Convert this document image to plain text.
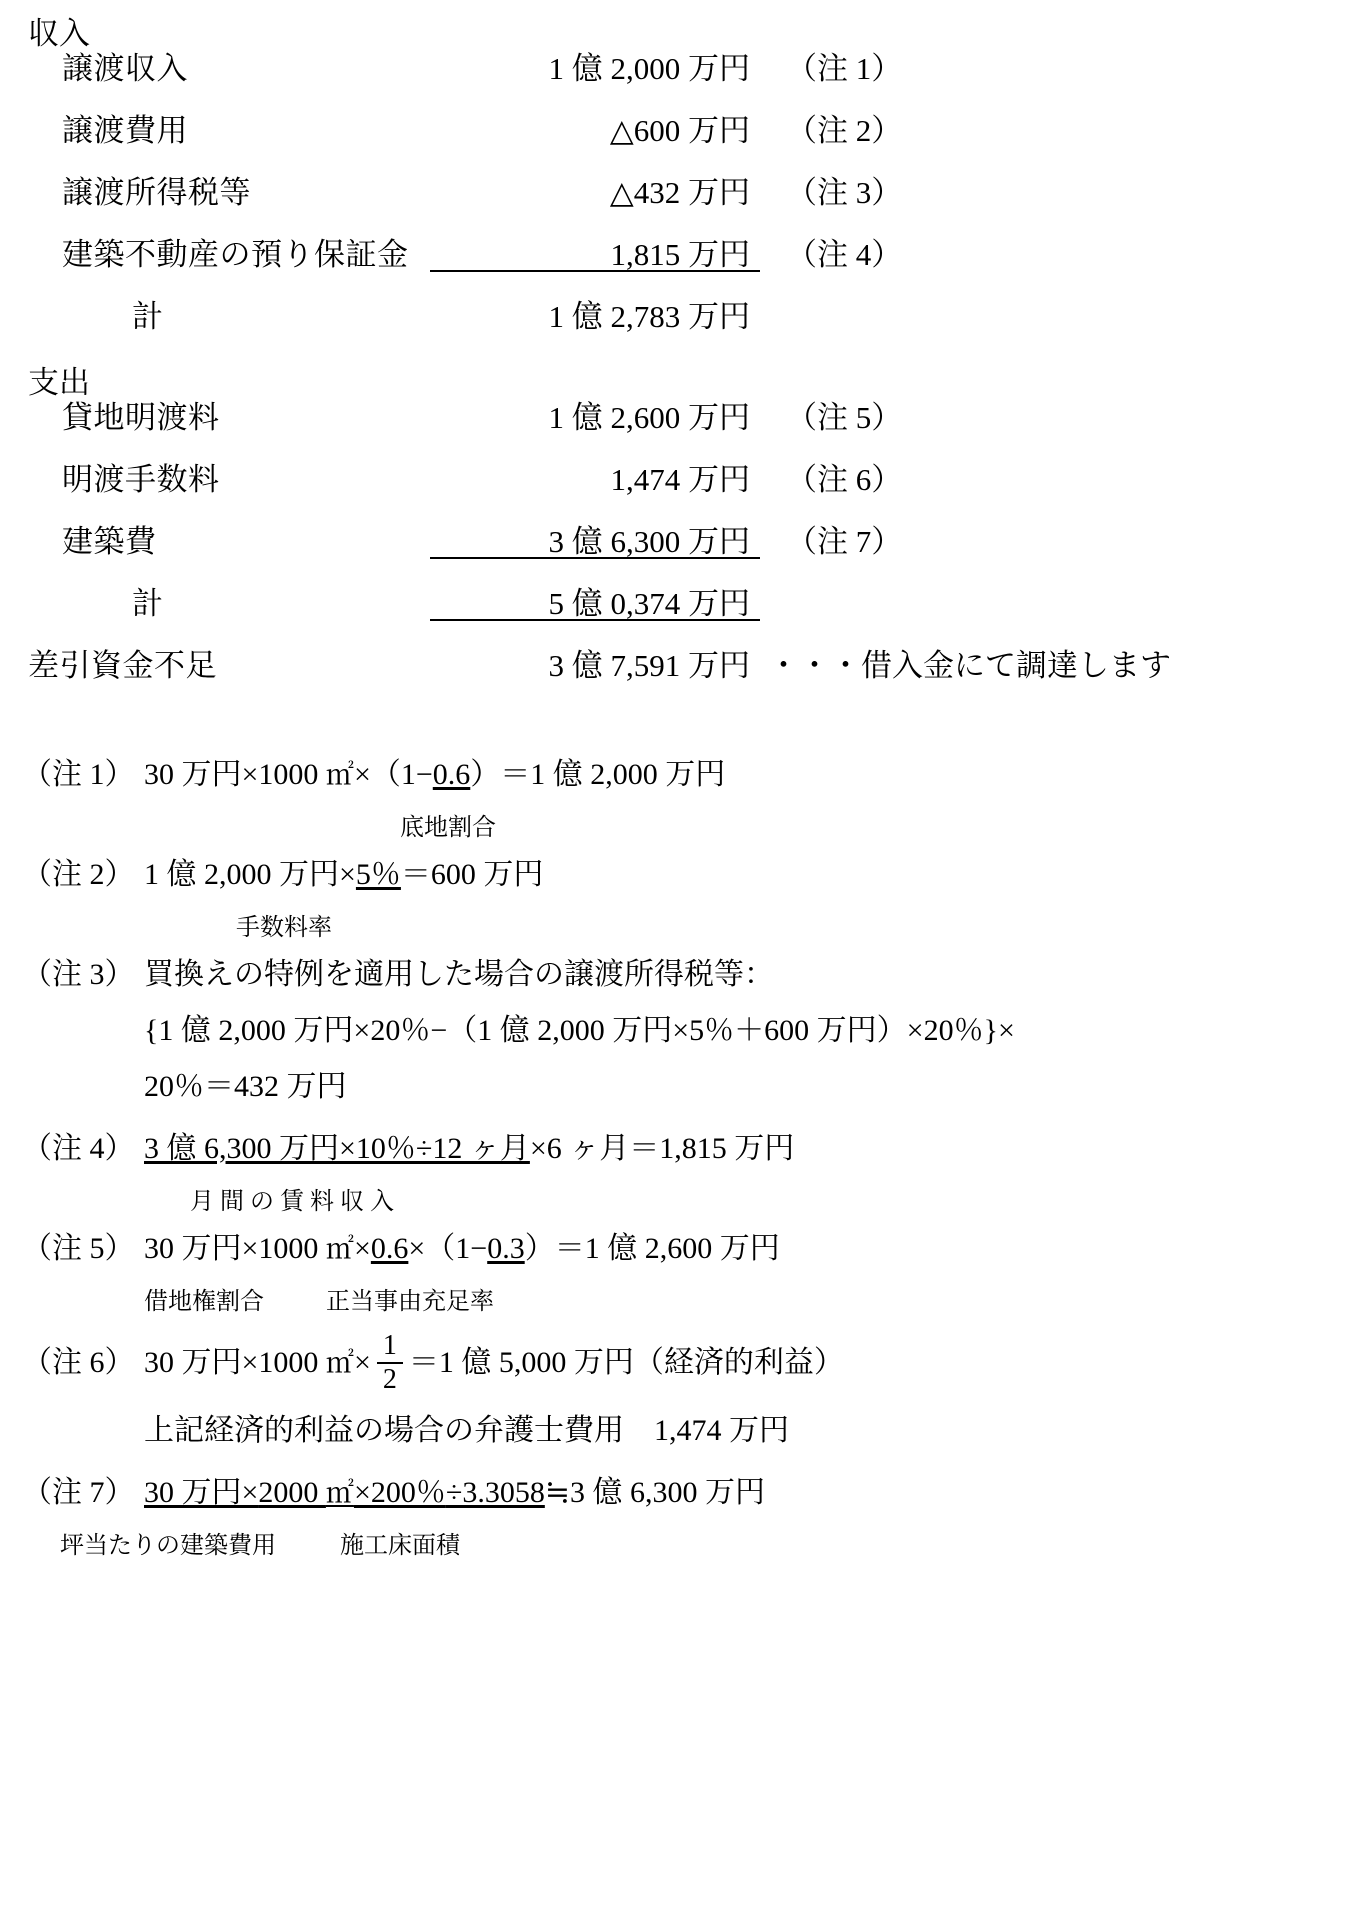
収入
譲渡収入	1 億 2,000 万円	（注 1）
譲渡費用	△600 万円	（注 2）
譲渡所得税等	△432 万円	（注 3）
建築不動産の預り保証金	1,815 万円	（注 4）
計	1 億 2,783 万円
支出
貸地明渡料	1 億 2,600 万円	（注 5）
明渡手数料	1,474 万円	（注 6）
建築費	3 億 6,300 万円	（注 7）
計	5 億 0,374 万円
差引資金不足	3 億 7,591 万円 ・・・借入金にて調達します
（注 1） 30 万円×1000 ㎡×（1−0.6）＝1 億 2,000 万円
底地割合
（注 2） 1 億 2,000 万円×5％＝600 万円
手数料率
（注 3） 買換えの特例を適用した場合の譲渡所得税等：
{1 億 2,000 万円×20％−（1 億 2,000 万円×5％＋600 万円）×20％}×
20％＝432 万円
（注 4） 3 億 6,300 万円×10％÷12 ヶ月×6 ヶ月＝1,815 万円
月 間 の 賃 料 収 入
（注 5） 30 万円×1000 ㎡×0.6×（1−0.3）＝1 億 2,600 万円
借地権割合	正当事由充足率
（注 6） 30 万円×1000 ㎡× $\frac{1}{2} =1$ 億 5,000 万円（経済的利益）
上記経済的利益の場合の弁護士費用　1,474 万円
（注 7） 30 万円×2000 ㎡×200％÷3.3058≒3 億 6,300 万円
坪当たりの建築費用	施工床面積
